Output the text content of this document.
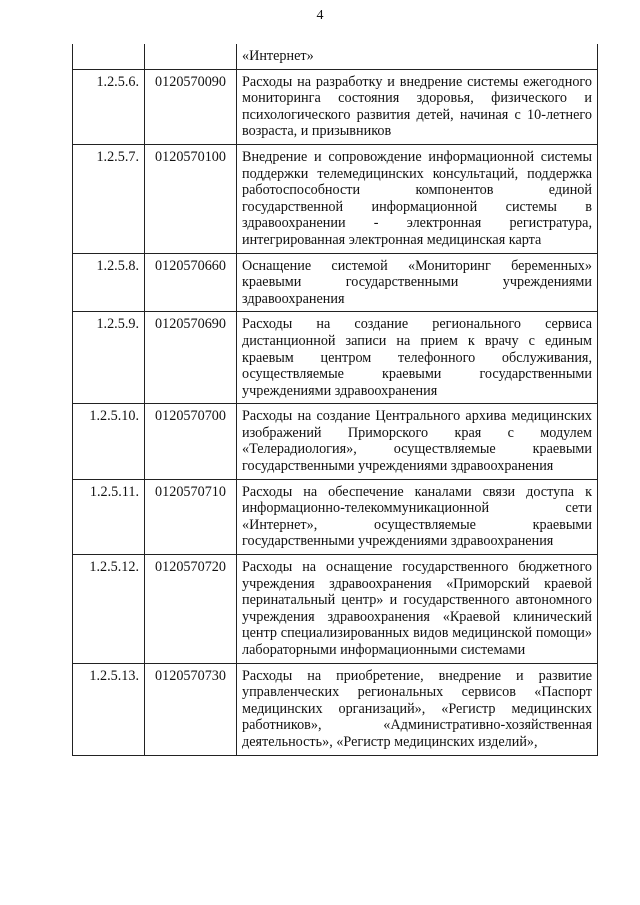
4
		«Интернет»
1.2.5.6.	0120570090	Расходы на разработку и внедрение системы ежегодного мониторинга состояния здоровья, физического и психологического развития детей, начиная с 10-летнего возраста, и призывников
1.2.5.7.	0120570100	Внедрение и сопровождение информационной системы поддержки телемедицинских консультаций, поддержка работоспособности компонентов единой государственной информационной системы в здравоохранении - электронная регистратура, интегрированная электронная медицинская карта
1.2.5.8.	0120570660	Оснащение системой «Мониторинг беременных» краевыми государственными учреждениями здравоохранения
1.2.5.9.	0120570690	Расходы на создание регионального сервиса дистанционной записи на прием к врачу с единым краевым центром телефонного обслуживания, осуществляемые краевыми государственными учреждениями здравоохранения
1.2.5.10.	0120570700	Расходы на создание Центрального архива медицинских изображений Приморского края с модулем «Телерадиология», осуществляемые краевыми государственными учреждениями здравоохранения
1.2.5.11.	0120570710	Расходы на обеспечение каналами связи доступа к информационно-телекоммуникационной сети «Интернет», осуществляемые краевыми государственными учреждениями здравоохранения
1.2.5.12.	0120570720	Расходы на оснащение государственного бюджетного учреждения здравоохранения «Приморский краевой перинатальный центр» и государственного автономного учреждения здравоохранения «Краевой клинический центр специализированных видов медицинской помощи» лабораторными информационными системами
1.2.5.13.	0120570730	Расходы на приобретение, внедрение и развитие управленческих региональных сервисов «Паспорт медицинских организаций», «Регистр медицинских работников», «Административно-хозяйственная деятельность», «Регистр медицинских изделий»,
